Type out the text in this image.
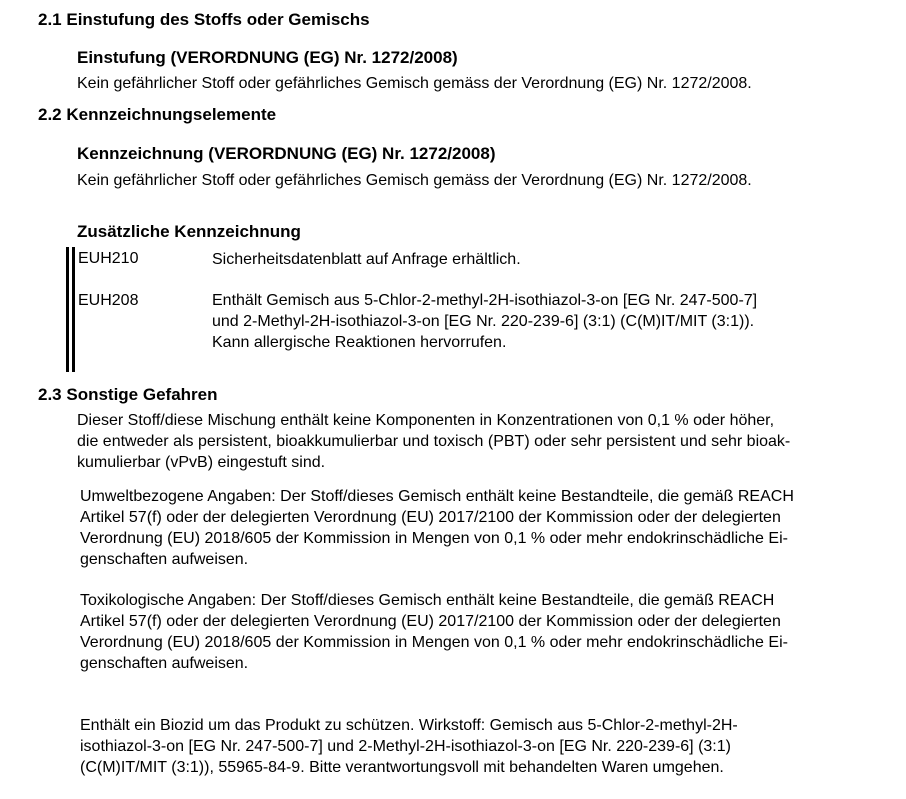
2.1 Einstufung des Stoffs oder Gemischs
Einstufung (VERORDNUNG (EG) Nr. 1272/2008)
Kein gefährlicher Stoff oder gefährliches Gemisch gemäss der Verordnung (EG) Nr. 1272/2008.
2.2 Kennzeichnungselemente
Kennzeichnung (VERORDNUNG (EG) Nr. 1272/2008)
Kein gefährlicher Stoff oder gefährliches Gemisch gemäss der Verordnung (EG) Nr. 1272/2008.
Zusätzliche Kennzeichnung
EUH210	Sicherheitsdatenblatt auf Anfrage erhältlich.
EUH208	Enthält Gemisch aus 5-Chlor-2-methyl-2H-isothiazol-3-on [EG Nr. 247-500-7]
und 2-Methyl-2H-isothiazol-3-on [EG Nr. 220-239-6] (3:1) (C(M)IT/MIT (3:1)).
Kann allergische Reaktionen hervorrufen.
2.3 Sonstige Gefahren
Dieser Stoff/diese Mischung enthält keine Komponenten in Konzentrationen von 0,1 % oder höher,
die entweder als persistent, bioakkumulierbar und toxisch (PBT) oder sehr persistent und sehr bioak-
kumulierbar (vPvB) eingestuft sind.
Umweltbezogene Angaben: Der Stoff/dieses Gemisch enthält keine Bestandteile, die gemäß REACH
Artikel 57(f) oder der delegierten Verordnung (EU) 2017/2100 der Kommission oder der delegierten
Verordnung (EU) 2018/605 der Kommission in Mengen von 0,1 % oder mehr endokrinschädliche Ei-
genschaften aufweisen.
Toxikologische Angaben: Der Stoff/dieses Gemisch enthält keine Bestandteile, die gemäß REACH
Artikel 57(f) oder der delegierten Verordnung (EU) 2017/2100 der Kommission oder der delegierten
Verordnung (EU) 2018/605 der Kommission in Mengen von 0,1 % oder mehr endokrinschädliche Ei-
genschaften aufweisen.
Enthält ein Biozid um das Produkt zu schützen. Wirkstoff: Gemisch aus 5-Chlor-2-methyl-2H-
isothiazol-3-on [EG Nr. 247-500-7] und 2-Methyl-2H-isothiazol-3-on [EG Nr. 220-239-6] (3:1)
(C(M)IT/MIT (3:1)), 55965-84-9. Bitte verantwortungsvoll mit behandelten Waren umgehen.
